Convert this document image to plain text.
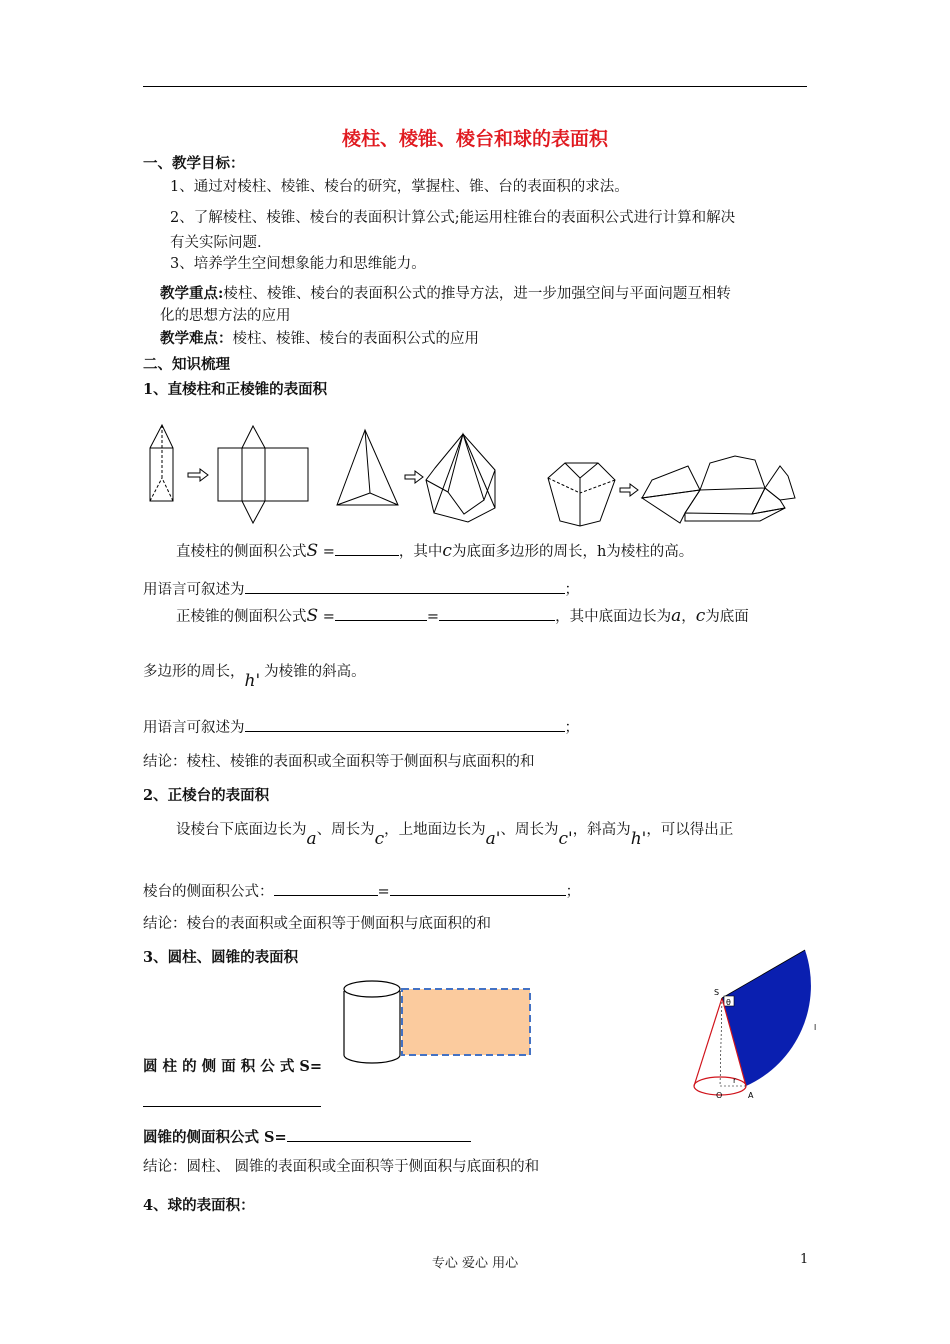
棱柱、棱锥、棱台和球的表面积
一、教学目标：
1、通过对棱柱、棱锥、棱台的研究，掌握柱、锥、台的表面积的求法。
2、了解棱柱、棱锥、棱台的表面积计算公式;能运用柱锥台的表面积公式进行计算和解决
有关实际问题.
3、培养学生空间想象能力和思维能力。
教学重点:棱柱、棱锥、棱台的表面积公式的推导方法，进一步加强空间与平面问题互相转
化的思想方法的应用
教学难点：棱柱、棱锥、棱台的表面积公式的应用
二、知识梳理
1、直棱柱和正棱锥的表面积
直棱柱的侧面积公式S =	，其中c为底面多边形的周长，h为棱柱的高。
用语言可叙述为	；
正棱锥的侧面积公式S =	=	，其中底面边长为a，c为底面
多边形的周长，h' 为棱锥的斜高。
用语言可叙述为	；
结论：棱柱、棱锥的表面积或全面积等于侧面积与底面积的和
2、正棱台的表面积
设棱台下底面边长为a、周长为c，上地面边长为a'、周长为c'，斜高为h'，可以得出正
棱台的侧面积公式：	=	；
结论：棱台的表面积或全面积等于侧面积与底面积的和
3、圆柱、圆锥的表面积
θ
S
l
r
O	A
圆 柱 的 侧 面 积 公 式 S=
圆锥的侧面积公式 S=
结论：圆柱、 圆锥的表面积或全面积等于侧面积与底面积的和
4、球的表面积：
专心 爱心 用心	1
